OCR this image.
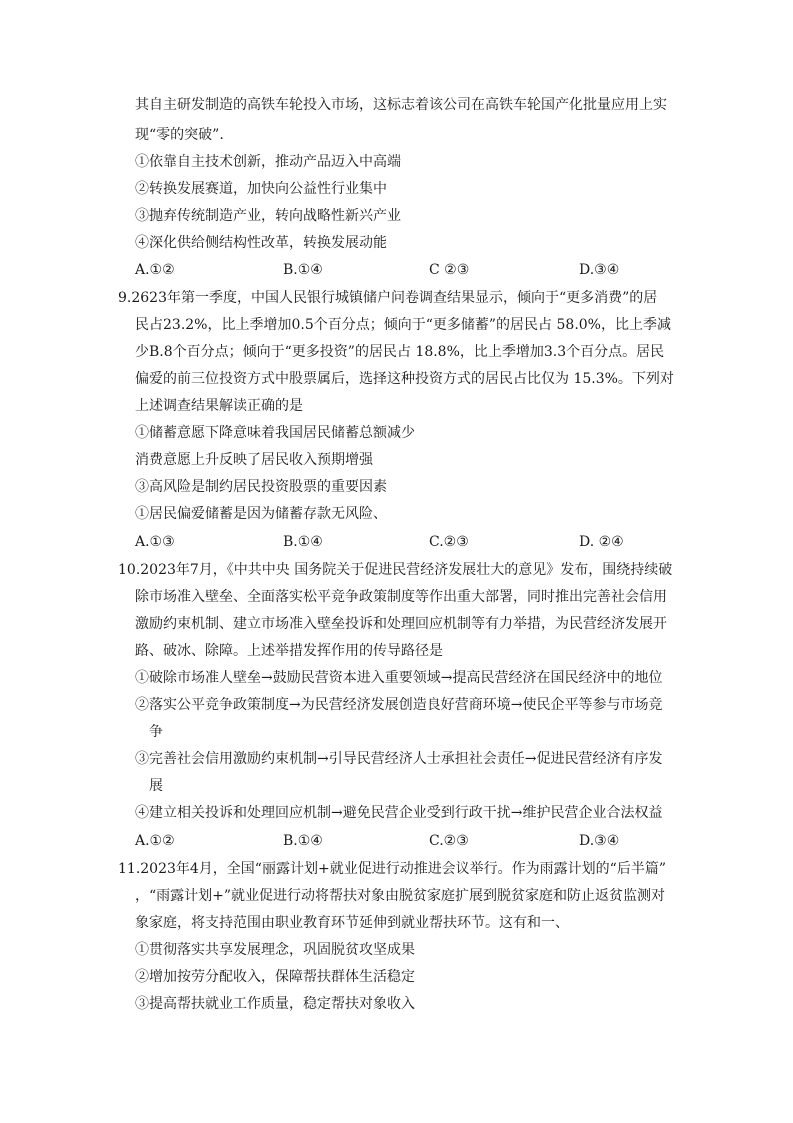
其自主研发制造的高铁车轮投入市场，这标志着该公司在高铁车轮国产化批量应用上实
现“零的突破”.
①依靠自主技术创新，推动产品迈入中高端
②转换发展赛道，加快向公益性行业集中
③抛弃传统制造产业，转向战略性新兴产业
④深化供给侧结构性改革，转换发展动能
A.①②	B.①④	C ②③	D.③④
9.2623年第一季度，中国人民银行城镇储户问卷调查结果显示，倾向于“更多消费”的居
民占23.2%，比上季增加0.5个百分点；倾向于“更多储蓄”的居民占 58.0%，比上季减
少B.8个百分点；倾向于“更多投资”的居民占 18.8%，比上季增加3.3个百分点。居民
偏爱的前三位投资方式中股票属后，选择这种投资方式的居民占比仅为 15.3%。下列对
上述调查结果解读正确的是
①储蓄意愿下降意味着我国居民储蓄总额减少
消费意愿上升反映了居民收入预期增强
③高风险是制约居民投资股票的重要因素
①居民偏爱储蓄是因为储蓄存款无风险、
A.①③	B.①④	C.②③	D. ②④
10.2023年7月，《中共中央 国务院关于促进民营经济发展壮大的意见》发布，围绕持续破
除市场准入壁垒、全面落实松平竞争政策制度等作出重大部署，同时推出完善社会信用
激励约束机制、建立市场准入壁垒投诉和处理回应机制等有力举措，为民营经济发展开
路、破冰、除障。上述举措发挥作用的传导路径是
①破除市场准人壁垒→鼓励民营资本进入重要领域→提高民营经济在国民经济中的地位
②落实公平竞争政策制度→为民营经济发展创造良好营商环境→使民企平等参与市场竞
争
③完善社会信用激励约束机制→引导民营经济人士承担社会责任→促进民营经济有序发
展
④建立相关投诉和处理回应机制→避免民营企业受到行政干扰→维护民营企业合法权益
A.①②	B.①④	C.②③	D.③④
11.2023年4月，全国“丽露计划+就业促进行动推进会议举行。作为雨露计划的“后半篇”
，“雨露计划+”就业促进行动将帮扶对象由脱贫家庭扩展到脱贫家庭和防止返贫监测对
象家庭，将支持范围由职业教育环节延伸到就业帮扶环节。这有和一、
①贯彻落实共享发展理念，巩固脱贫攻坚成果
②增加按劳分配收入，保障帮扶群体生活稳定
③提高帮扶就业工作质量，稳定帮扶对象收入
